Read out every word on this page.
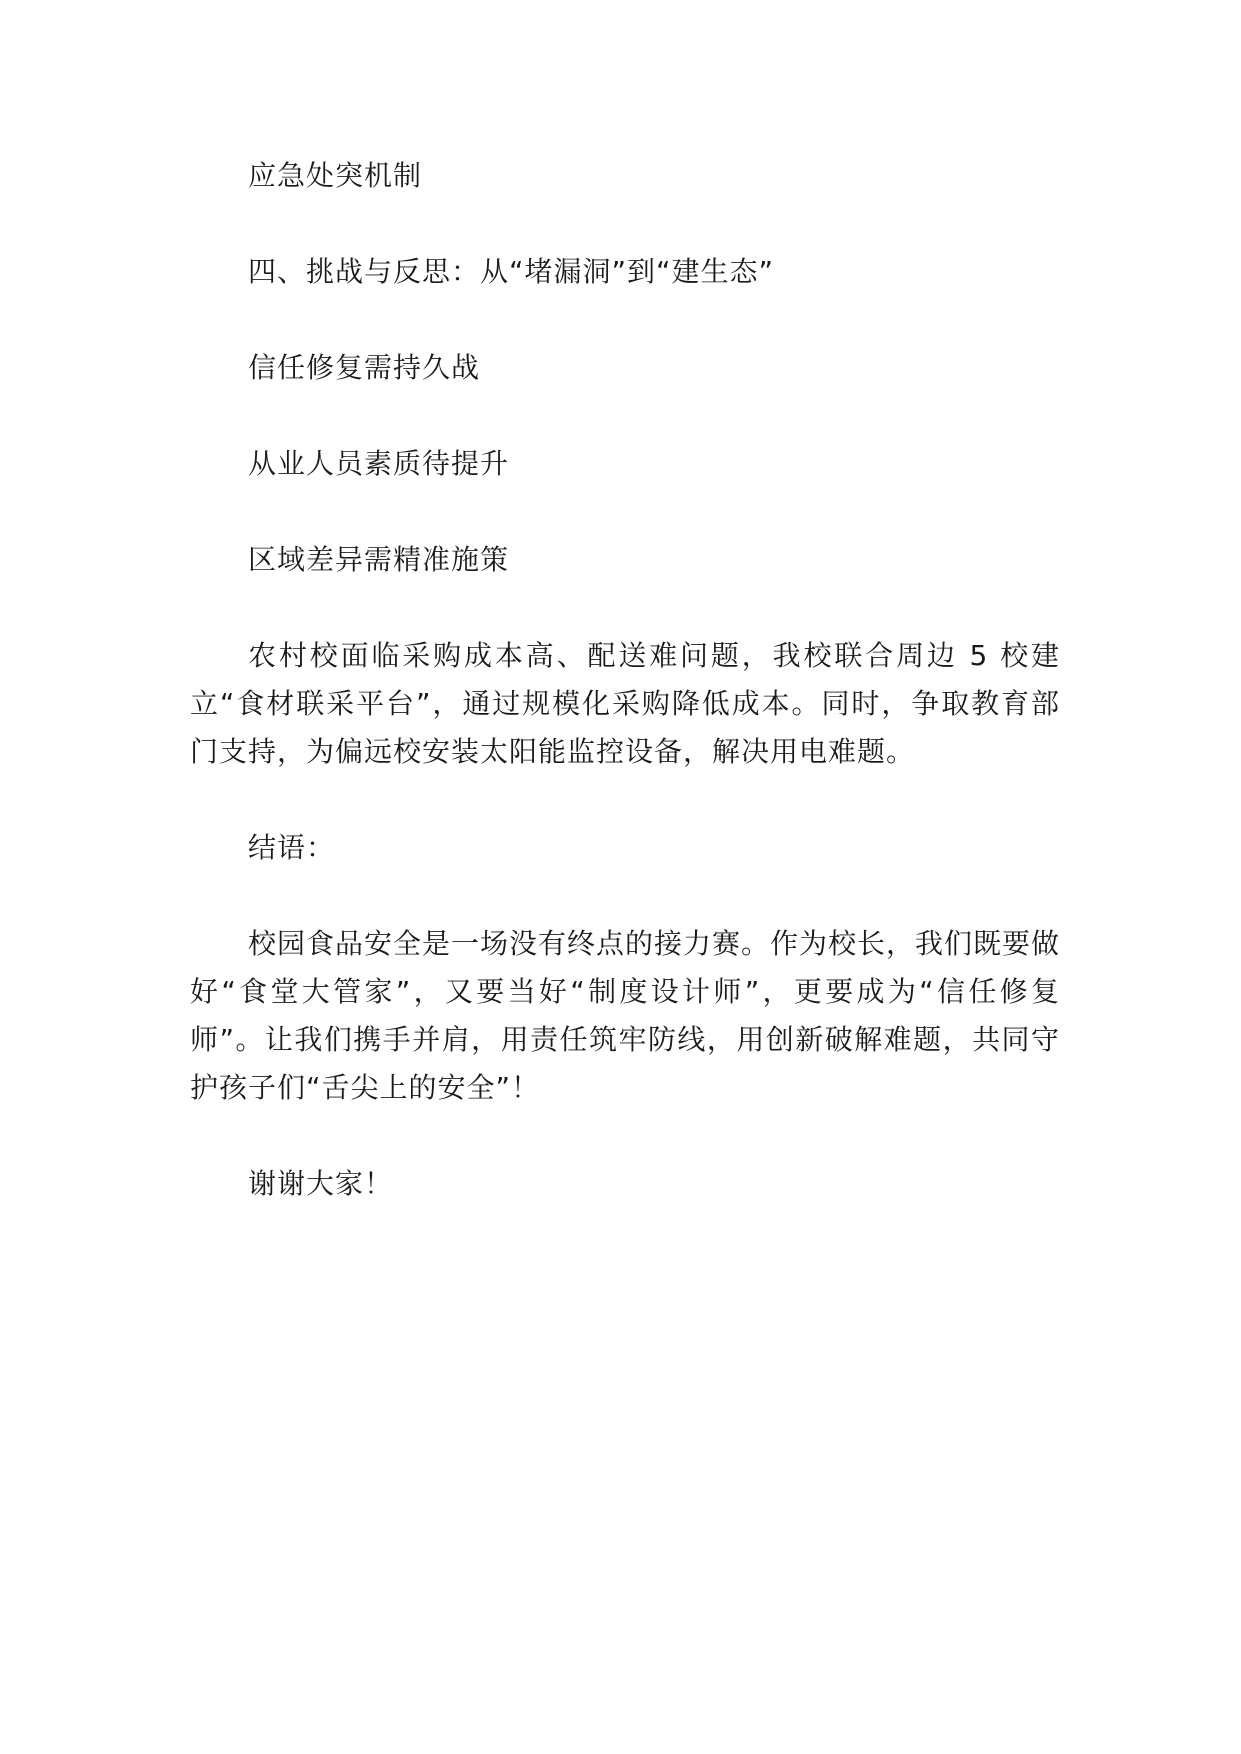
应急处突机制

四、挑战与反思：从“堵漏洞”到“建生态”

信任修复需持久战

从业人员素质待提升

区域差异需精准施策

农村校面临采购成本高、配送难问题，我校联合周边 5 校建立“食材联采平台”，通过规模化采购降低成本。同时，争取教育部门支持，为偏远校安装太阳能监控设备，解决用电难题。

结语：

校园食品安全是一场没有终点的接力赛。作为校长，我们既要做好“食堂大管家”，又要当好“制度设计师”，更要成为“信任修复师”。让我们携手并肩，用责任筑牢防线，用创新破解难题，共同守护孩子们“舌尖上的安全”！

谢谢大家！
